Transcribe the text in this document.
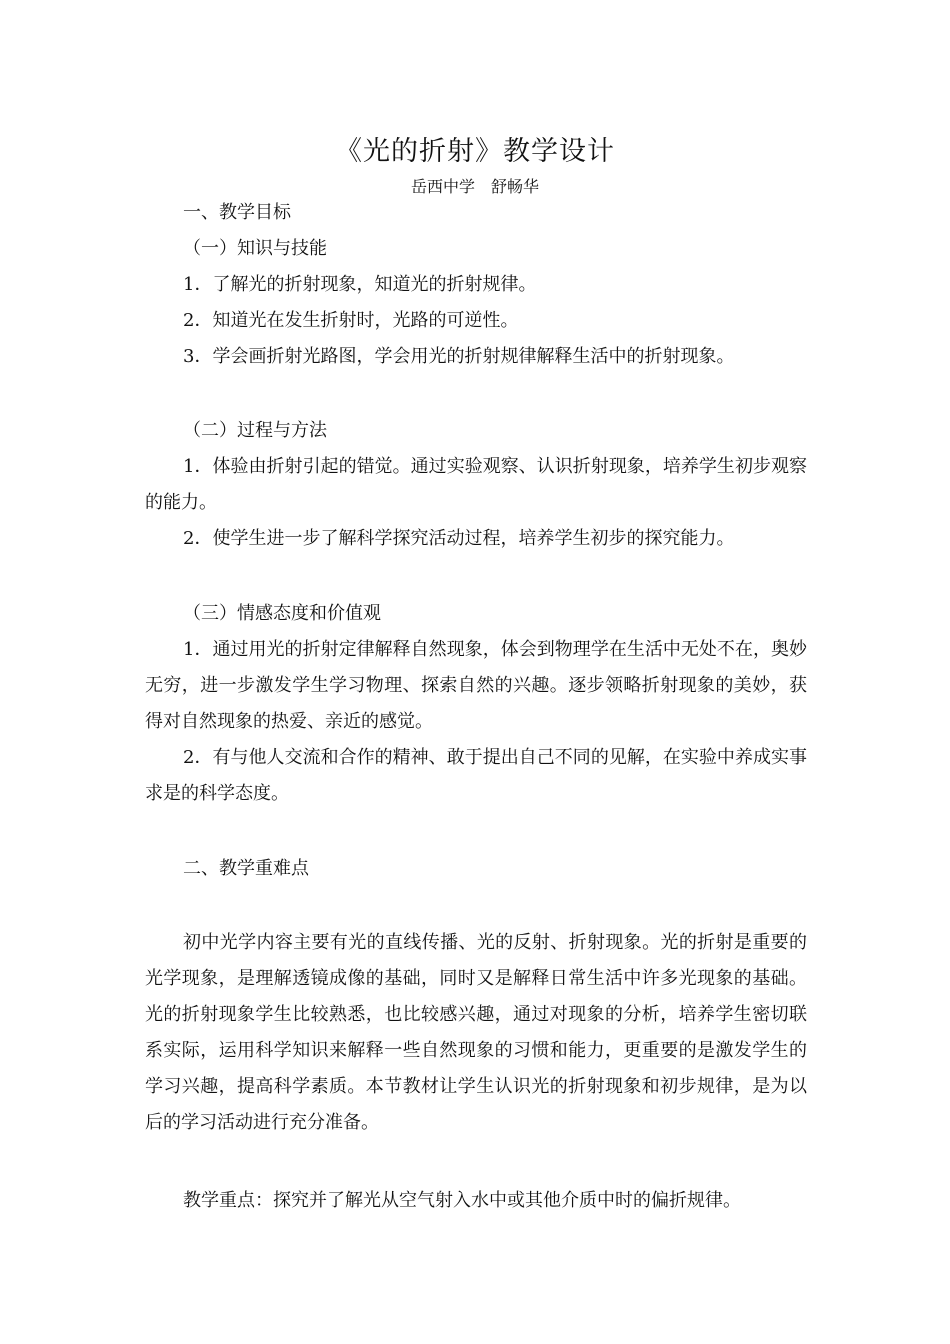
《光的折射》教学设计
岳西中学　舒畅华
一、教学目标
（一）知识与技能
1．了解光的折射现象，知道光的折射规律。
2．知道光在发生折射时，光路的可逆性。
3．学会画折射光路图，学会用光的折射规律解释生活中的折射现象。
（二）过程与方法
1．体验由折射引起的错觉。通过实验观察、认识折射现象，培养学生初步观察的能力。
2．使学生进一步了解科学探究活动过程，培养学生初步的探究能力。
（三）情感态度和价值观
1．通过用光的折射定律解释自然现象，体会到物理学在生活中无处不在，奥妙无穷，进一步激发学生学习物理、探索自然的兴趣。逐步领略折射现象的美妙，获得对自然现象的热爱、亲近的感觉。
2．有与他人交流和合作的精神、敢于提出自己不同的见解，在实验中养成实事求是的科学态度。
二、教学重难点
初中光学内容主要有光的直线传播、光的反射、折射现象。光的折射是重要的光学现象，是理解透镜成像的基础，同时又是解释日常生活中许多光现象的基础。光的折射现象学生比较熟悉，也比较感兴趣，通过对现象的分析，培养学生密切联系实际，运用科学知识来解释一些自然现象的习惯和能力，更重要的是激发学生的学习兴趣，提高科学素质。本节教材让学生认识光的折射现象和初步规律，是为以后的学习活动进行充分准备。
教学重点：探究并了解光从空气射入水中或其他介质中时的偏折规律。
